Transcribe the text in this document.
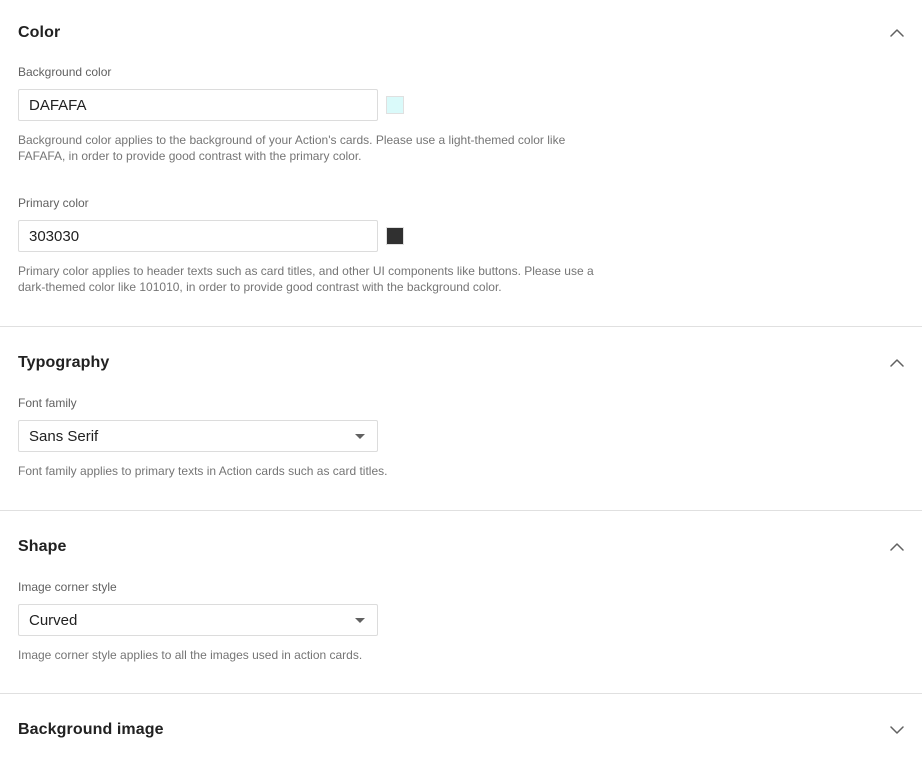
Color
Background color
DAFAFA
Background color applies to the background of your Action's cards. Please use a light-themed color like FAFAFA, in order to provide good contrast with the primary color.
Primary color
303030
Primary color applies to header texts such as card titles, and other UI components like buttons. Please use a dark-themed color like 101010, in order to provide good contrast with the background color.
Typography
Font family
Sans Serif
Font family applies to primary texts in Action cards such as card titles.
Shape
Image corner style
Curved
Image corner style applies to all the images used in action cards.
Background image
